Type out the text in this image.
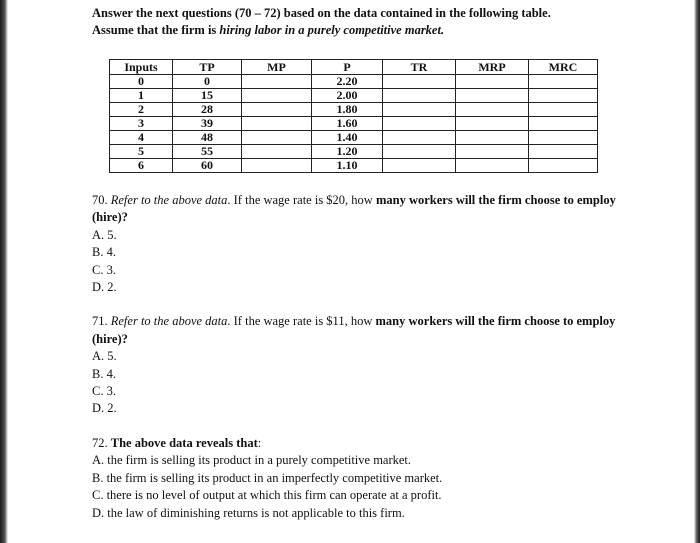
Answer the next questions (70 – 72) based on the data contained in the following table.
Assume that the firm is hiring labor in a purely competitive market.

Inputs	TP	MP	P	TR	MRP	MRC
0	0		2.20			
1	15		2.00			
2	28		1.80			
3	39		1.60			
4	48		1.40			
5	55		1.20			
6	60		1.10			
70. Refer to the above data. If the wage rate is $20, how many workers will the firm choose to employ (hire)?
A. 5.
B. 4.
C. 3.
D. 2.
71. Refer to the above data. If the wage rate is $11, how many workers will the firm choose to employ (hire)?
A. 5.
B. 4.
C. 3.
D. 2.
72. The above data reveals that:
A. the firm is selling its product in a purely competitive market.
B. the firm is selling its product in an imperfectly competitive market.
C. there is no level of output at which this firm can operate at a profit.
D. the law of diminishing returns is not applicable to this firm.
